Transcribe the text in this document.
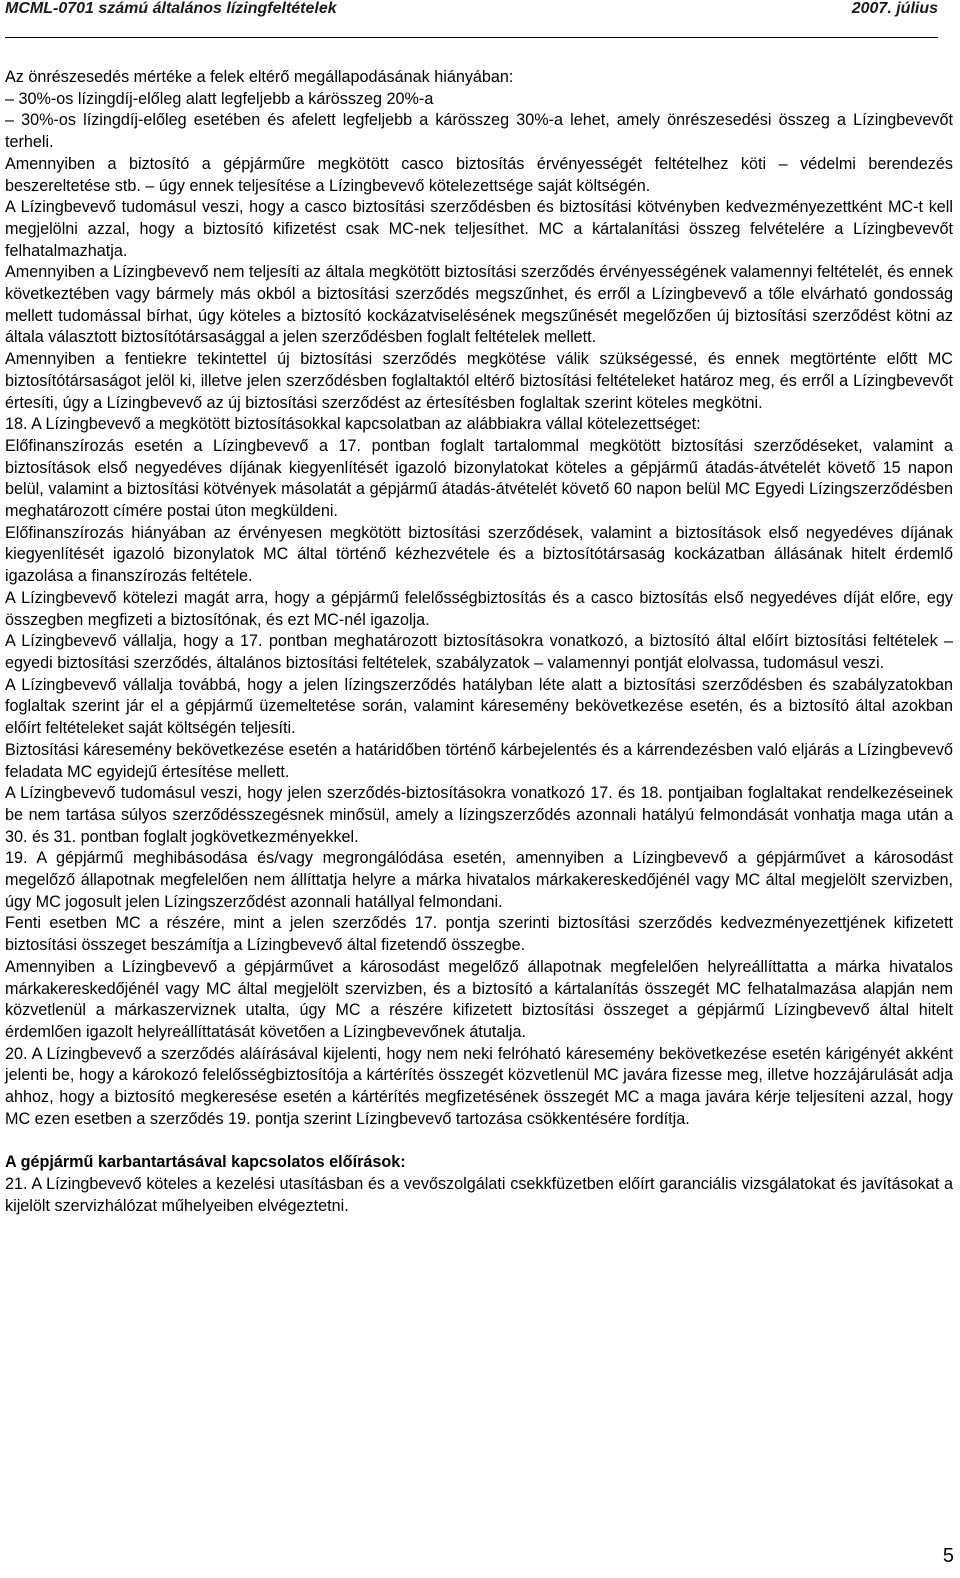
MCML-0701 számú általános lízingfeltételek	2007. július

Az önrészesedés mértéke a felek eltérő megállapodásának hiányában:

– 30%-os lízingdíj-előleg alatt legfeljebb a kárösszeg 20%-a

– 30%-os lízingdíj-előleg esetében és afelett legfeljebb a kárösszeg 30%-a lehet, amely önrészesedési összeg a Lízingbevevőt terheli.

Amennyiben a biztosító a gépjárműre megkötött casco biztosítás érvényességét feltételhez köti – védelmi berendezés beszereltetése stb. – úgy ennek teljesítése a Lízingbevevő kötelezettsége saját költségén.

A Lízingbevevő tudomásul veszi, hogy a casco biztosítási szerződésben és biztosítási kötvényben kedvezményezettként MC-t kell megjelölni azzal, hogy a biztosító kifizetést csak MC-nek teljesíthet. MC a kártalanítási összeg felvételére a Lízingbevevőt felhatalmazhatja.

Amennyiben a Lízingbevevő nem teljesíti az általa megkötött biztosítási szerződés érvényességének valamennyi feltételét, és ennek következtében vagy bármely más okból a biztosítási szerződés megszűnhet, és erről a Lízingbevevő a tőle elvárható gondosság mellett tudomással bírhat, úgy köteles a biztosító kockázatviselésének megszűnését megelőzően új biztosítási szerződést kötni az általa választott biztosítótársasággal a jelen szerződésben foglalt feltételek mellett.

Amennyiben a fentiekre tekintettel új biztosítási szerződés megkötése válik szükségessé, és ennek megtörténte előtt MC biztosítótársaságot jelöl ki, illetve jelen szerződésben foglaltaktól eltérő biztosítási feltételeket határoz meg, és erről a Lízingbevevőt értesíti, úgy a Lízingbevevő az új biztosítási szerződést az értesítésben foglaltak szerint köteles megkötni.

18. A Lízingbevevő a megkötött biztosításokkal kapcsolatban az alábbiakra vállal kötelezettséget:

Előfinanszírozás esetén a Lízingbevevő a 17. pontban foglalt tartalommal megkötött biztosítási szerződéseket, valamint a biztosítások első negyedéves díjának kiegyenlítését igazoló bizonylatokat köteles a gépjármű átadás-átvételét követő 15 napon belül, valamint a biztosítási kötvények másolatát a gépjármű átadás-átvételét követő 60 napon belül MC Egyedi Lízingszerződésben meghatározott címére postai úton megküldeni.

Előfinanszírozás hiányában az érvényesen megkötött biztosítási szerződések, valamint a biztosítások első negyedéves díjának kiegyenlítését igazoló bizonylatok MC által történő kézhezvétele és a biztosítótársaság kockázatban állásának hitelt érdemlő igazolása a finanszírozás feltétele.

A Lízingbevevő kötelezi magát arra, hogy a gépjármű felelősségbiztosítás és a casco biztosítás első negyedéves díját előre, egy összegben megfizeti a biztosítónak, és ezt MC-nél igazolja.

A Lízingbevevő vállalja, hogy a 17. pontban meghatározott biztosításokra vonatkozó, a biztosító által előírt biztosítási feltételek – egyedi biztosítási szerződés, általános biztosítási feltételek, szabályzatok – valamennyi pontját elolvassa, tudomásul veszi.

A Lízingbevevő vállalja továbbá, hogy a jelen lízingszerződés hatályban léte alatt a biztosítási szerződésben és szabályzatokban foglaltak szerint jár el a gépjármű üzemeltetése során, valamint káresemény bekövetkezése esetén, és a biztosító által azokban előírt feltételeket saját költségén teljesíti.

Biztosítási káresemény bekövetkezése esetén a határidőben történő kárbejelentés és a kárrendezésben való eljárás a Lízingbevevő feladata MC egyidejű értesítése mellett.

A Lízingbevevő tudomásul veszi, hogy jelen szerződés-biztosításokra vonatkozó 17. és 18. pontjaiban foglaltakat rendelkezéseinek be nem tartása súlyos szerződésszegésnek minősül, amely a lízingszerződés azonnali hatályú felmondását vonhatja maga után a 30. és 31. pontban foglalt jogkövetkezményekkel.

19. A gépjármű meghibásodása és/vagy megrongálódása esetén, amennyiben a Lízingbevevő a gépjárművet a károsodást megelőző állapotnak megfelelően nem állíttatja helyre a márka hivatalos márkakereskedőjénél vagy MC által megjelölt szervizben, úgy MC jogosult jelen Lízingszerződést azonnali hatállyal felmondani.

Fenti esetben MC a részére, mint a jelen szerződés 17. pontja szerinti biztosítási szerződés kedvezményezettjének kifizetett biztosítási összeget beszámítja a Lízingbevevő által fizetendő összegbe.

Amennyiben a Lízingbevevő a gépjárművet a károsodást megelőző állapotnak megfelelően helyreállíttatta a márka hivatalos márkakereskedőjénél vagy MC által megjelölt szervizben, és a biztosító a kártalanítás összegét MC felhatalmazása alapján nem közvetlenül a márkaszerviznek utalta, úgy MC a részére kifizetett biztosítási összeget a gépjármű Lízingbevevő által hitelt érdemlően igazolt helyreállíttatását követően a Lízingbevevőnek átutalja.

20. A Lízingbevevő a szerződés aláírásával kijelenti, hogy nem neki felróható káresemény bekövetkezése esetén kárigényét akként jelenti be, hogy a károkozó felelősségbiztosítója a kártérítés összegét közvetlenül MC javára fizesse meg, illetve hozzájárulását adja ahhoz, hogy a biztosító megkeresése esetén a kártérítés megfizetésének összegét MC a maga javára kérje teljesíteni azzal, hogy MC ezen esetben a szerződés 19. pontja szerint Lízingbevevő tartozása csökkentésére fordítja.

A gépjármű karbantartásával kapcsolatos előírások:

21. A Lízingbevevő köteles a kezelési utasításban és a vevőszolgálati csekkfüzetben előírt garanciális vizsgálatokat és javításokat a kijelölt szervizhálózat műhelyeiben elvégeztetni.

5
